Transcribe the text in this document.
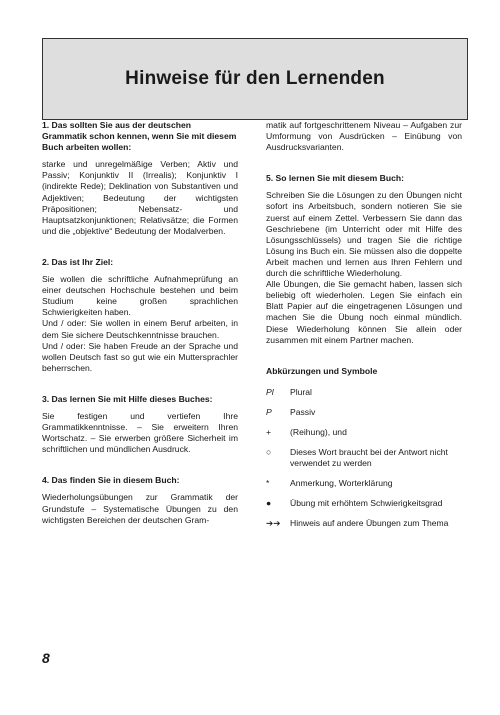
Hinweise für den Lernenden
1. Das sollten Sie aus der deutschen Grammatik schon kennen, wenn Sie mit diesem Buch arbeiten wollen:

starke und unregelmäßige Verben; Aktiv und Passiv; Konjunktiv II (Irrealis); Konjunktiv I (indirekte Rede); Deklination von Substantiven und Adjektiven; Bedeutung der wichtigsten Präpositionen; Nebensatz- und Hauptsatzkonjunktionen; Relativsätze; die Formen und die „objektive“ Bedeutung der Modalverben.

2. Das ist Ihr Ziel:

Sie wollen die schriftliche Aufnahmeprüfung an einer deutschen Hochschule bestehen und beim Studium keine großen sprachlichen Schwierigkeiten haben.

Und / oder: Sie wollen in einem Beruf arbeiten, in dem Sie sichere Deutschkenntnisse brauchen.

Und / oder: Sie haben Freude an der Sprache und wollen Deutsch fast so gut wie ein Muttersprachler beherrschen.

3. Das lernen Sie mit Hilfe dieses Buches:

Sie festigen und vertiefen Ihre Grammatikkenntnisse. – Sie erweitern Ihren Wortschatz. – Sie erwerben größere Sicherheit im schriftlichen und mündlichen Ausdruck.

4. Das finden Sie in diesem Buch:

Wiederholungsübungen zur Grammatik der Grundstufe – Systematische Übungen zu den wichtigsten Bereichen der deutschen Gram-

matik auf fortgeschrittenem Niveau – Aufgaben zur Umformung von Ausdrücken – Einübung von Ausdrucksvarianten.

5. So lernen Sie mit diesem Buch:

Schreiben Sie die Lösungen zu den Übungen nicht sofort ins Arbeitsbuch, sondern notieren Sie sie zuerst auf einem Zettel. Verbessern Sie dann das Geschriebene (im Unterricht oder mit Hilfe des Lösungsschlüssels) und tragen Sie die richtige Lösung ins Buch ein. Sie müssen also die doppelte Arbeit machen und lernen aus Ihren Fehlern und durch die schriftliche Wiederholung.

Alle Übungen, die Sie gemacht haben, lassen sich beliebig oft wiederholen. Legen Sie einfach ein Blatt Papier auf die eingetragenen Lösungen und machen Sie die Übung noch einmal mündlich. Diese Wiederholung können Sie allein oder zusammen mit einem Partner machen.

Abkürzungen und Symbole
Pl	Plural
P	Passiv
+	(Reihung), und
○	Dieses Wort braucht bei der Antwort nicht verwendet zu werden
*	Anmerkung, Worterklärung
●	Übung mit erhöhtem Schwierigkeitsgrad
➔➔	Hinweis auf andere Übungen zum Thema
8
